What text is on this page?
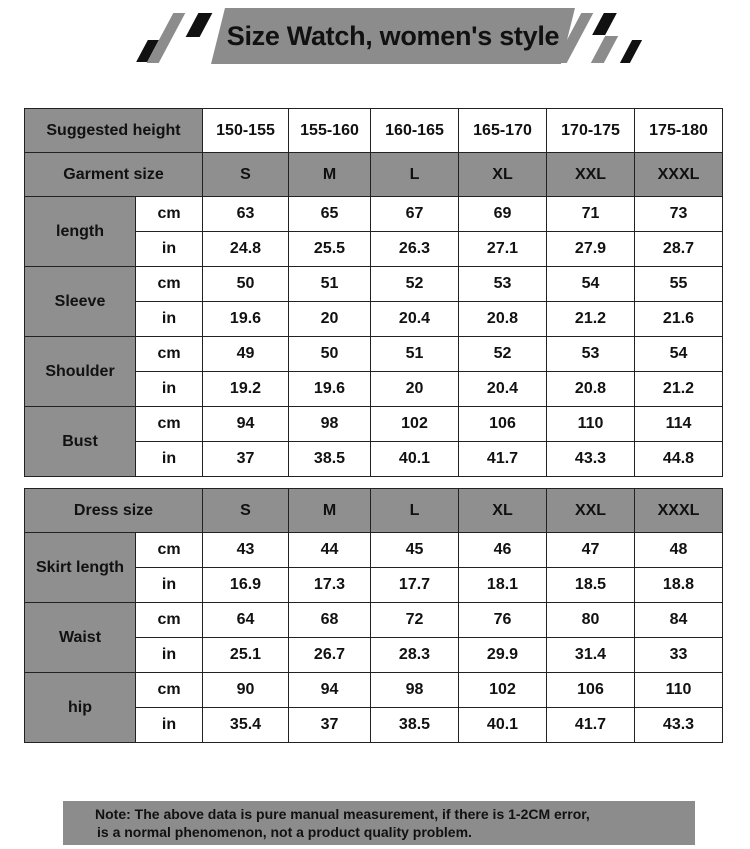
Size Watch, women's style
Suggested height		150-155	155-160	160-165	165-170	170-175	175-180
Garment size		S	M	L	XL	XXL	XXXL
length	cm	63	65	67	69	71	73
	in	24.8	25.5	26.3	27.1	27.9	28.7
Sleeve	cm	50	51	52	53	54	55
	in	19.6	20	20.4	20.8	21.2	21.6
Shoulder	cm	49	50	51	52	53	54
	in	19.2	19.6	20	20.4	20.8	21.2
Bust	cm	94	98	102	106	110	114
	in	37	38.5	40.1	41.7	43.3	44.8
Dress size		S	M	L	XL	XXL	XXXL
Skirt length	cm	43	44	45	46	47	48
	in	16.9	17.3	17.7	18.1	18.5	18.8
Waist	cm	64	68	72	76	80	84
	in	25.1	26.7	28.3	29.9	31.4	33
hip	cm	90	94	98	102	106	110
	in	35.4	37	38.5	40.1	41.7	43.3
Note: The above data is pure manual measurement, if there is 1-2CM error,
is a normal phenomenon, not a product quality problem.
